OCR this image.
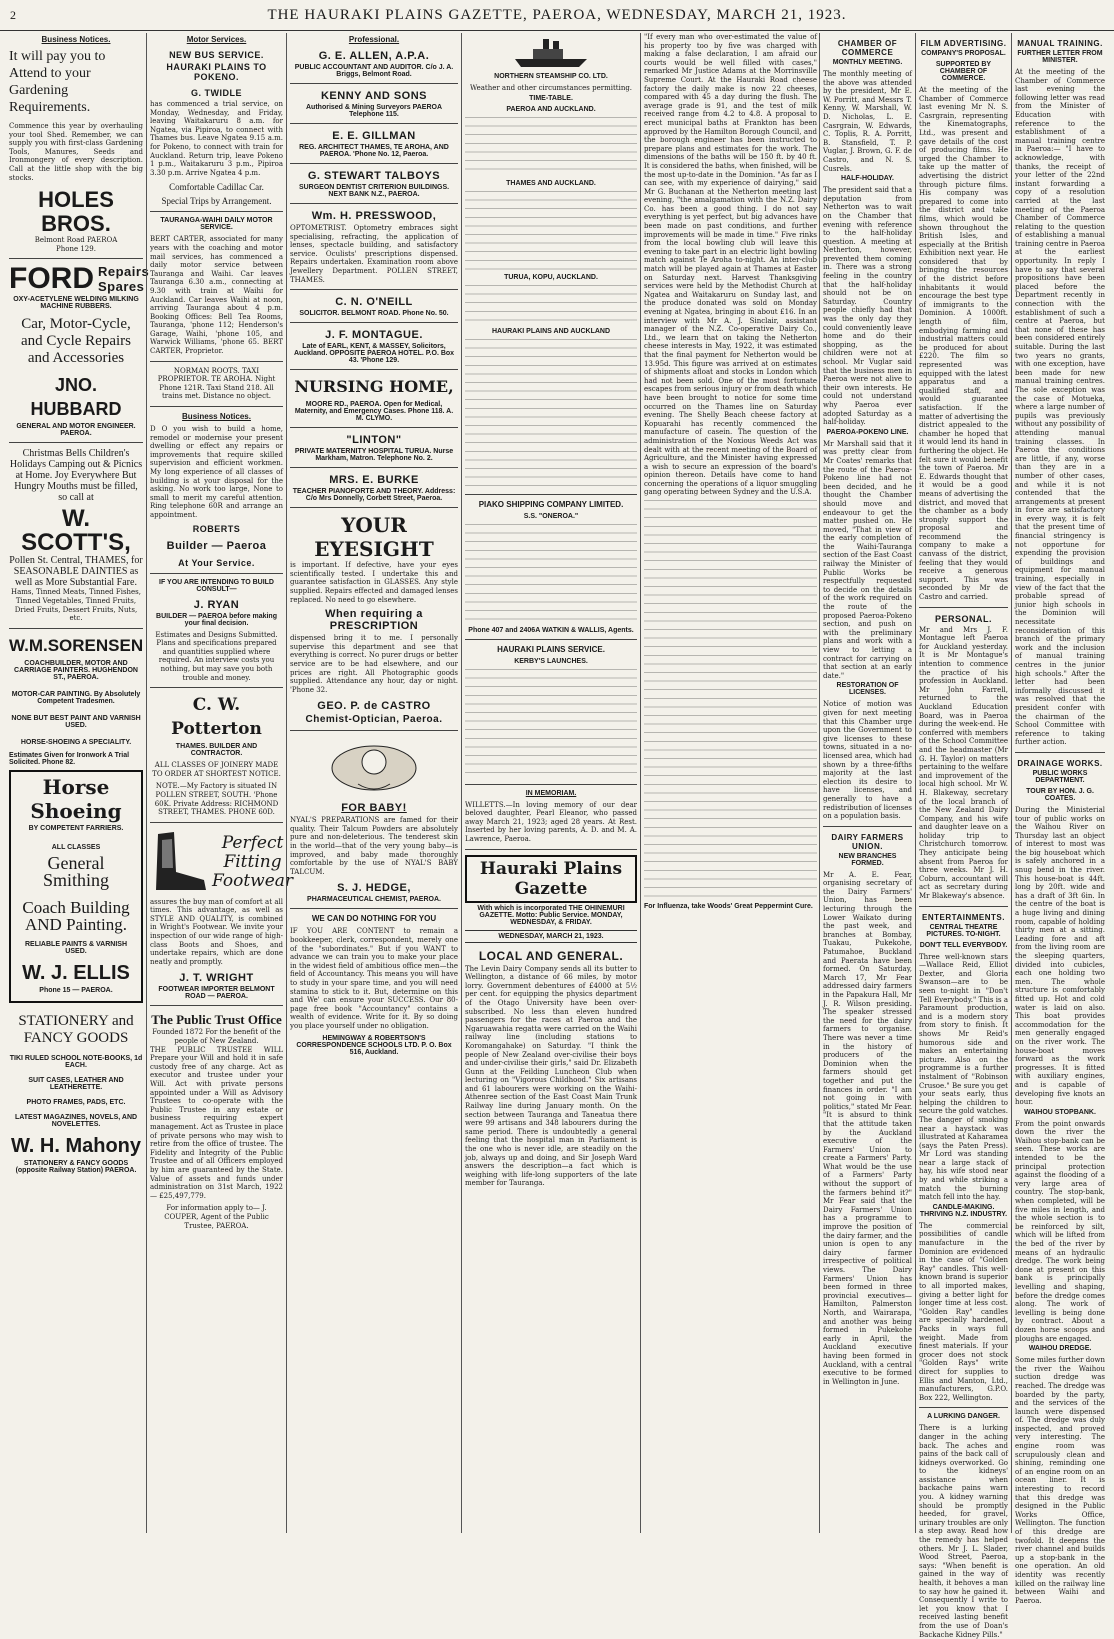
2	THE HAURAKI PLAINS GAZETTE, PAEROA, WEDNESDAY, MARCH 21, 1923.
Business Notices.
It will pay you to Attend to your Gardening Requirements.

Commence this year by overhauling your tool Shed. Remember, we can supply you with first-class Gardening Tools, Manures, Seeds and Ironmongery of every description. Call at the little shop with the big stocks.

HOLES BROS.
Belmont Road PAEROA
Phone 129.
FORD Repairs Spares
OXY-ACETYLENE WELDING MILKING MACHINE RUBBERS.
Car, Motor-Cycle, and Cycle Repairs and Accessories
JNO. HUBBARD
GENERAL AND MOTOR ENGINEER. PAEROA.
Christmas Bells Children's Holidays Camping out & Picnics at Home. Joy Everywhere But Hungry Mouths must be filled, so call at
W. SCOTT'S,
Pollen St. Central, THAMES, for SEASONABLE DAINTIES as well as More Substantial Fare.

Hams, Tinned Meats, Tinned Fishes, Tinned Vegetables, Tinned Fruits, Dried Fruits, Dessert Fruits, Nuts, etc.

W.M.SORENSEN
COACHBUILDER, MOTOR AND CARRIAGE PAINTERS. HUGHENDON ST., PAEROA.
MOTOR-CAR PAINTING. By Absolutely Competent Tradesmen.
NONE BUT BEST PAINT AND VARNISH USED.
HORSE-SHOEING A SPECIALITY.
Estimates Given for Ironwork A Trial Solicited. Phone 82.
Horse Shoeing
BY COMPETENT FARRIERS.
ALL CLASSES
General Smithing
Coach Building AND Painting.
RELIABLE PAINTS & VARNISH USED.
W. J. ELLIS
Phone 15 — PAEROA.
STATIONERY and FANCY GOODS
TIKI RULED SCHOOL NOTE-BOOKS, 1d EACH.
SUIT CASES, LEATHER AND LEATHERETTE.
PHOTO FRAMES, PADS, ETC.
LATEST MAGAZINES, NOVELS, AND NOVELETTES.
W. H. Mahony
STATIONERY & FANCY GOODS (opposite Railway Station) PAEROA.
Motor Services.
NEW BUS SERVICE.
HAURAKI PLAINS TO POKENO.
G. TWIDLE

has commenced a trial service, on Monday, Wednesday, and Friday, leaving Waitakaruru 8 a.m. for Ngatea, via Pipiroa, to connect with Thames bus. Leave Ngatea 9.15 a.m. for Pokeno, to connect with train for Auckland. Return trip, leave Pokeno 1 p.m., Waitakaruru 3 p.m., Pipiroa 3.30 p.m. Arrive Ngatea 4 p.m.

Comfortable Cadillac Car.
Special Trips by Arrangement.
TAURANGA-WAIHI DAILY MOTOR SERVICE.

BERT CARTER, associated for many years with the coaching and motor mail services, has commenced a daily motor service between Tauranga and Waihi. Car leaves Tauranga 6.30 a.m., connecting at 9.30 with train at Waihi for Auckland. Car leaves Waihi at noon, arriving Tauranga about 4 p.m. Booking Offices: Bell Tea Rooms, Tauranga, 'phone 112; Henderson's Garage, Waihi, 'phone 105, and Warwick Williams, 'phone 65. BERT CARTER, Proprietor.

NORMAN ROOTS. TAXI PROPRIETOR. TE AROHA. Night Phone 121R. Taxi Stand 218. All trains met. Distance no object.

Business Notices.

D O you wish to build a home, remodel or modernise your present dwelling or effect any repairs or improvements that require skilled supervision and efficient workmen. My long experience of all classes of building is at your disposal for the asking. No work too large, None to small to merit my careful attention. Ring telephone 60R and arrange an appointment.

ROBERTS
Builder — Paeroa
At Your Service.
IF YOU ARE INTENDING TO BUILD CONSULT—
J. RYAN
BUILDER — PAEROA before making your final decision.

Estimates and Designs Submitted. Plans and specifications prepared and quantities supplied where required. An interview costs you nothing, but may save you both trouble and money.

C. W. Potterton
THAMES. BUILDER AND CONTRACTOR.

ALL CLASSES OF JOINERY MADE TO ORDER AT SHORTEST NOTICE.

NOTE.—My Factory is situated IN POLLEN STREET, SOUTH. 'Phone 60K. Private Address: RICHMOND STREET, THAMES. PHONE 60D.

Perfect Fitting Footwear

assures the buy man of comfort at all times. This advantage, as well as STYLE AND QUALITY, is combined in Wright's Footwear. We invite your inspection of our wide range of high-class Boots and Shoes, and undertake repairs, which are done neatly and promptly.

J. T. WRIGHT
FOOTWEAR IMPORTER BELMONT ROAD — PAEROA.
The Public Trust Office
Founded 1872 For the benefit of the people of New Zealand.

THE PUBLIC TRUSTEE WILL Prepare your Will and hold it in safe custody free of any charge. Act as executor and trustee under your Will. Act with private persons appointed under a Will as Advisory Trustees to co-operate with the Public Trustee in any estate or business requiring expert management. Act as Trustee in place of private persons who may wish to retire from the office of trustee. The Fidelity and Integrity of the Public Trustee and of all Officers employed by him are guaranteed by the State. Value of assets and funds under administration on 31st March, 1922— £25,497,779.

For information apply to— J. COUPER, Agent of the Public Trustee, PAEROA.

Professional.
G. E. ALLEN, A.P.A.
PUBLIC ACCOUNTANT AND AUDITOR. C/o J. A. Briggs, Belmont Road.
KENNY AND SONS
Authorised & Mining Surveyors PAEROA Telephone 115.
E. E. GILLMAN
REG. ARCHITECT THAMES, TE AROHA, AND PAEROA. 'Phone No. 12, Paeroa.
G. STEWART TALBOYS
SURGEON DENTIST CRITERION BUILDINGS. NEXT BANK N.Z., PAEROA.
Wm. H. PRESSWOOD,

OPTOMETRIST. Optometry embraces sight specialising, refracting, the application of lenses, spectacle building, and satisfactory service. Oculists' prescriptions dispensed. Repairs undertaken. Examination room above Jewellery Department. POLLEN STREET, THAMES.

C. N. O'NEILL
SOLICITOR. BELMONT ROAD. Phone No. 50.
J. F. MONTAGUE.
Late of EARL, KENT, & MASSEY, Solicitors, Auckland. OPPOSITE PAEROA HOTEL. P.O. Box 43. 'Phone 129.
NURSING HOME,
MOORE RD., PAEROA. Open for Medical, Maternity, and Emergency Cases. Phone 118. A. M. CLYMO.
"LINTON"
PRIVATE MATERNITY HOSPITAL TURUA. Nurse Markham, Matron. Telephone No. 2.
MRS. E. BURKE
TEACHER PIANOFORTE AND THEORY. Address: C/o Mrs Donnelly, Corbett Street, Paeroa.
YOUR EYESIGHT

is important. If defective, have your eyes scientifically tested. I undertake this and guarantee satisfaction in GLASSES. Any style supplied. Repairs effected and damaged lenses replaced. No need to go elsewhere.

When requiring a PRESCRIPTION

dispensed bring it to me. I personally supervise this department and see that everything is correct. No purer drugs or better service are to be had elsewhere, and our prices are right. All Photographic goods supplied. Attendance any hour, day or night. 'Phone 32.

GEO. P. de CASTRO
Chemist-Optician, Paeroa.
FOR BABY!

NYAL'S PREPARATIONS are famed for their quality. Their Talcum Powders are absolutely pure and non-deleterious. The tenderest skin in the world—that of the very young baby—is improved, and baby made thoroughly comfortable by the use of NYAL'S BABY TALCUM.

S. J. HEDGE,
PHARMACEUTICAL CHEMIST, PAEROA.
WE CAN DO NOTHING FOR YOU

IF YOU ARE CONTENT to remain a bookkeeper, clerk, correspondent, merely one of the "subordinates." But if you WANT to advance we can train you to make your place in the widest field of ambitious office men—the field of Accountancy. This means you will have to study in your spare time, and you will need stamina to stick to it. But, determine on this and We' can ensure your SUCCESS. Our 80-page free book "Accountancy" contains a wealth of evidence. Write for it. By so doing you place yourself under no obligation.

HEMINGWAY & ROBERTSON'S CORRESPONDENCE SCHOOLS LTD. P. O. Box 516, Auckland.
NORTHERN STEAMSHIP CO. LTD.
Weather and other circumstances permitting.
TIME-TABLE.
PAEROA AND AUCKLAND.
THAMES AND AUCKLAND.
TURUA, KOPU, AUCKLAND.
HAURAKI PLAINS AND AUCKLAND
PIAKO SHIPPING COMPANY LIMITED.
S.S. "ONEROA."
Phone 407 and 2406A WATKIN & WALLIS, Agents.
HAURAKI PLAINS SERVICE.
KERBY'S LAUNCHES.
IN MEMORIAM.

WILLETTS.—In loving memory of our dear beloved daughter, Pearl Eleanor, who passed away March 21, 1923; aged 28 years. At Rest. Inserted by her loving parents, A. D. and M. A. Lawrence, Paeroa.

Hauraki Plains Gazette
With which is incorporated THE OHINEMURI GAZETTE. Motto: Public Service. MONDAY, WEDNESDAY, & FRIDAY.
WEDNESDAY, MARCH 21, 1923.
LOCAL AND GENERAL.

The Levin Dairy Company sends all its butter to Wellington, a distance of 66 miles, by motor lorry. Government debentures of £4000 at 5½ per cent. for equipping the physics department of the Otago University have been over-subscribed. No less than eleven hundred passengers for the races at Paeroa and the Ngaruawahia regatta were carried on the Waihi railway line (including stations to Koromangahake) on Saturday. "I think the people of New Zealand over-civilise their boys and under-civilise their girls," said Dr. Elizabeth Gunn at the Feilding Luncheon Club when lecturing on "Vigorous Childhood." Six artisans and 61 labourers were working on the Waihi-Athenree section of the East Coast Main Trunk Railway line during January month. On the section between Tauranga and Taneatua there were 99 artisans and 348 labourers during the same period. There is undoubtedly a general feeling that the hospital man in Parliament is the one who is never idle, are steadily on the job, always up and doing, and Sir Joseph Ward answers the description—a fact which is weighing with life-long supporters of the late member for Tauranga.

"If every man who over-estimated the value of his property too by five was charged with making a false declaration, I am afraid our courts would be well filled with cases," remarked Mr Justice Adams at the Morrinsville Supreme Court. At the Hauraki Road cheese factory the daily make is now 22 cheeses, compared with 45 a day during the flush. The average grade is 91, and the test of milk received range from 4.2 to 4.8. A proposal to erect municipal baths at Frankton has been approved by the Hamilton Borough Council, and the borough engineer has been instructed to prepare plans and estimates for the work. The dimensions of the baths will be 150 ft. by 40 ft. It is considered the baths, when finished, will be the most up-to-date in the Dominion. "As far as I can see, with my experience of dairying," said Mr G. Buchanan at the Netherton meeting last evening, "the amalgamation with the N.Z. Dairy Co. has been a good thing. I do not say everything is yet perfect, but big advances have been made on past conditions, and further improvements will be made in time." Five rinks from the local bowling club will leave this evening to take part in an electric light bowling match against Te Aroha to-night. An inter-club match will be played again at Thames at Easter on Saturday next. Harvest Thanksgiving services were held by the Methodist Church at Ngatea and Waitakaruru on Sunday last, and the produce donated was sold on Monday evening at Ngatea, bringing in about £16. In an interview with Mr A. J. Sinclair, assistant manager of the N.Z. Co-operative Dairy Co., Ltd., we learn that on taking the Netherton cheese interests in May, 1922, it was estimated that the final payment for Netherton would be 13.95d. This figure was arrived at on estimates of shipments afloat and stocks in London which had not been sold. One of the most fortunate escapes from serious injury or from death which have been brought to notice for some time occurred on the Thames line on Saturday evening. The Shelly Beach cheese factory at Kopuarahi has recently commenced the manufacture of casein. The question of the administration of the Noxious Weeds Act was dealt with at the recent meeting of the Board of Agriculture, and the Minister having expressed a wish to secure an expression of the board's opinion thereon. Details have come to hand concerning the operations of a liquor smuggling gang operating between Sydney and the U.S.A.

For Influenza, take Woods' Great Peppermint Cure.
CHAMBER OF COMMERCE
MONTHLY MEETING.

The monthly meeting of the above was attended by the president, Mr E. W. Porritt, and Messrs T. Kenny, W. Marshall, W. D. Nicholas, L. E. Casrgrain, W. Edwards, C. Toplis, R. A. Porritt, B. Stansfield, T. P. Vuglar, J. Brown, G. F. de Castro, and N. S. Cusrels.

HALF-HOLIDAY.

The president said that a deputation from Netherton was to wait on the Chamber that evening with reference to the half-holiday question. A meeting at Netherton, however, prevented them coming in. There was a strong feeling in the country that the half-holiday should not be on Saturday. Country people chiefly had that was the only day they could conveniently leave home and do their shopping, as the children were not at school. Mr Vuglar said that the business men in Paeroa were not alive to their own interests. He could not understand why Paeroa ever adopted Saturday as a half-holiday.

PAEROA-POKENO LINE.

Mr Marshall said that it was pretty clear from Mr Coates' remarks that the route of the Paeroa-Pokeno line had not been decided, and he thought the Chamber should move and endeavour to get the matter pushed on. He moved, "That in view of the early completion of the Waihi-Tauranga section of the East Coast railway the Minister of Public Works be respectfully requested to decide on the details of the work required on the route of the proposed Paeroa-Pokeno section, and push on with the preliminary plans and work with a view to letting a contract for carrying on that section at an early date."

RESTORATION OF LICENSES.

Notice of motion was given for next meeting that this Chamber urge upon the Government to give licenses to these towns, situated in a no-licensed area, which had shown by a three-fifths majority at the last election its desire to have licenses, and generally to have a redistribution of licenses on a population basis.

DAIRY FARMERS UNION.
NEW BRANCHES FORMED.

Mr A. E. Fear, organising secretary of the Dairy Farmers' Union, has been lecturing through the Lower Waikato during the past week, and branches at Bombay, Tuakau, Pukekohe, Patumahoe, Buckland and Paerata have been formed. On Saturday, March 17, Mr Fear addressed dairy farmers in the Papakura Hall, Mr J. R. Wilson presiding. The speaker stressed the need for the dairy farmers to organise. There was never a time in the history of producers of the Dominion when the farmers should get together and put the finances in order. "I am not going in with politics," stated Mr Fear. "It is absurd to think that the attitude taken by the Auckland executive of the Farmers' Union to create a Farmers' Party. What would be the use of a Farmers' Party without the support of the farmers behind it?" Mr Fear said that the Dairy Farmers' Union has a programme to improve the position of the dairy farmer, and the union is open to any dairy farmer irrespective of political views. The Dairy Farmers' Union has been formed in three provincial executives—Hamilton, Palmerston North, and Wairarapa, and another was being formed in Pukekohe early in April, the Auckland executive having been formed in Auckland, with a central executive to be formed in Wellington in June.

FILM ADVERTISING.
COMPANY'S PROPOSAL.
SUPPORTED BY CHAMBER OF COMMERCE.

At the meeting of the Chamber of Commerce last evening Mr N. S. Casrgrain, representing the Kinematographs, Ltd., was present and gave details of the cost of producing films. He urged the Chamber to take up the matter of advertising the district through picture films. His company was prepared to come into the district and take films, which would be shown throughout the British Isles, and especially at the British Exhibition next year. He considered that by bringing the resources of the district before inhabitants it would encourage the best type of immigrants to the Dominion. A 1000ft. length of film, embodying farming and industrial matters could be produced for about £220. The film so represented was equipped with the latest apparatus and a qualified staff, and would guarantee satisfaction. If the matter of advertising the district appealed to the chamber he hoped that it would lend its hand in furthering the object. He felt sure it would benefit the town of Paeroa. Mr E. Edwards thought that it would be a good means of advertising the district, and moved that the chamber as a body strongly support the proposal and recommend the company to make a canvass of the district, feeling that they would receive a generous support. This was seconded by Mr de Castro and carried.

PERSONAL.

Mr and Mrs J. F. Montague left Paeroa for Auckland yesterday. It is Mr Montague's intention to commence the practice of his profession in Auckland. Mr John Farrell, returned to the Auckland Education Board, was in Paeroa during the week-end. He conferred with members of the School Committee and the headmaster (Mr G. H. Taylor) on matters pertaining to the welfare and improvement of the local high school. Mr W. H. Blakeway, secretary of the local branch of the New Zealand Dairy Company, and his wife and daughter leave on a holiday trip to Christchurch tomorrow. They anticipate being absent from Paeroa for three weeks. Mr J. H. Coburn, accountant will act as secretary during Mr Blakeway's absence.

ENTERTAINMENTS.
CENTRAL THEATRE PICTURES. TO-NIGHT.
DON'T TELL EVERYBODY.

Three well-known stars—Wallace Reid, Elliot Dexter, and Gloria Swanson—are to be seen to-night in "Don't Tell Everybody." This is a Paramount production, and is a modern story from story to finish. It shows Mr Reid's humorous side and makes an entertaining picture. Also on the programme is a further instalment of "Robinson Crusoe." Be sure you get your seats early, thus helping the children to secure the gold watches. The danger of smoking near a haystack was illustrated at Kaharamea (says the Paten Press). Mr Lord was standing near a large stack of hay, his wife stood near by and while striking a match the burning match fell into the hay.

CANDLE-MAKING. THRIVING N.Z. INDUSTRY.

The commercial possibilities of candle manufacture in the Dominion are evidenced in the case of "Golden Ray" candles. This well-known brand is superior to all imported makes, giving a better light for longer time at less cost. "Golden Ray" candles are specially hardened, Packs in ways full weight. Made from finest materials. If your grocer does not stock "Golden Rays" write direct for supplies to Ellis and Manton, Ltd., manufacturers, G.P.O. Box 222, Wellington.

A LURKING DANGER.

There is a lurking danger in the aching back. The aches and pains of the back call of kidneys overworked. Go to the kidneys' assistance when backache pains warn you. A kidney warning should be promptly heeded, for gravel, urinary troubles are only a step away. Read how the remedy has helped others. Mr J. L. Slader, Wood Street, Paeroa, says: "When benefit is gained in the way of health, it behoves a man to say how he gained it. Consequently I write to let you know that I received lasting benefit from the use of Doan's Backache Kidney Pills."

MANUAL TRAINING.
FURTHER LETTER FROM MINISTER.

At the meeting of the Chamber of Commerce last evening the following letter was read from the Minister of Education with reference to the establishment of a manual training centre in Paeroa:— "I have to acknowledge, with thanks, the receipt of your letter of the 22nd instant forwarding a copy of a resolution carried at the last meeting of the Paeroa Chamber of Commerce relating to the question of establishing a manual training centre in Paeroa at the earliest opportunity. In reply I have to say that several propositions have been placed before the Department recently in connection with the establishment of such a centre at Paeroa, but that none of these has been considered entirely suitable. During the last two years no grants, with one exception, have been made for new manual training centres. The sole exception was the case of Motueka, where a large number of pupils was previously without any possibility of attending manual training classes. In Paeroa the conditions are little, if any, worse than they are in a number of other cases, and while it is not contended that the arrangements at present in force are satisfactory in every way, it is felt that the present time of financial stringency is not opportune for expending the provision of buildings and equipment for manual training, especially in view of the fact that the probable spread of junior high schools in the Dominion will necessitate reconsideration of this branch of the primary work and the inclusion of manual training centres in the junior high schools." After the letter had been informally discussed it was resolved that the president confer with the chairman of the School Committee with reference to taking further action.

DRAINAGE WORKS.
PUBLIC WORKS DEPARTMENT.
TOUR BY HON. J. G. COATES.

During the Ministerial tour of public works on the Waihou River on Thursday last an object of interest to most was the big houseboat which is safely anchored in a snug bend in the river. This house-boat is 44ft. long by 20ft. wide and has a draft of 3ft 6in. In the centre of the boat is a huge living and dining room, capable of holding thirty men at a sitting. Leading fore and aft from the living room are the sleeping quarters, divided into cubicles, each one holding two men. The whole structure is comfortably fitted up. Hot and cold water is laid on also. This boat provides accommodation for the men generally engaged on the river work. The house-boat moves forward as the work progresses. It is fitted with auxiliary engines, and is capable of developing five knots an hour.

WAIHOU STOPBANK.

From the point onwards down the river the Waihou stop-bank can be seen. These works are intended to be the principal protection against the flooding of a very large area of country. The stop-bank, when completed, will be five miles in length, and the whole section is to be reinforced by silt, which will be lifted from the bed of the river by means of an hydraulic dredge. The work being done at present on this bank is principally levelling and shaping, before the dredge comes along. The work of levelling is being done by contract. About a dozen horse scoops and ploughs are engaged.

WAIHOU DREDGE.

Some miles further down the river the Waihou suction dredge was reached. The dredge was boarded by the party, and the services of the launch were dispensed of. The dredge was duly inspected, and proved very interesting. The engine room was scrupulously clean and shining, reminding one of an engine room on an ocean liner. It is interesting to record that this dredge was designed in the Public Works Office, Wellington. The function of this dredge are twofold. It deepens the river channel and builds up a stop-bank in the one operation. An old identity was recently killed on the railway line between Waihi and Paeroa.
